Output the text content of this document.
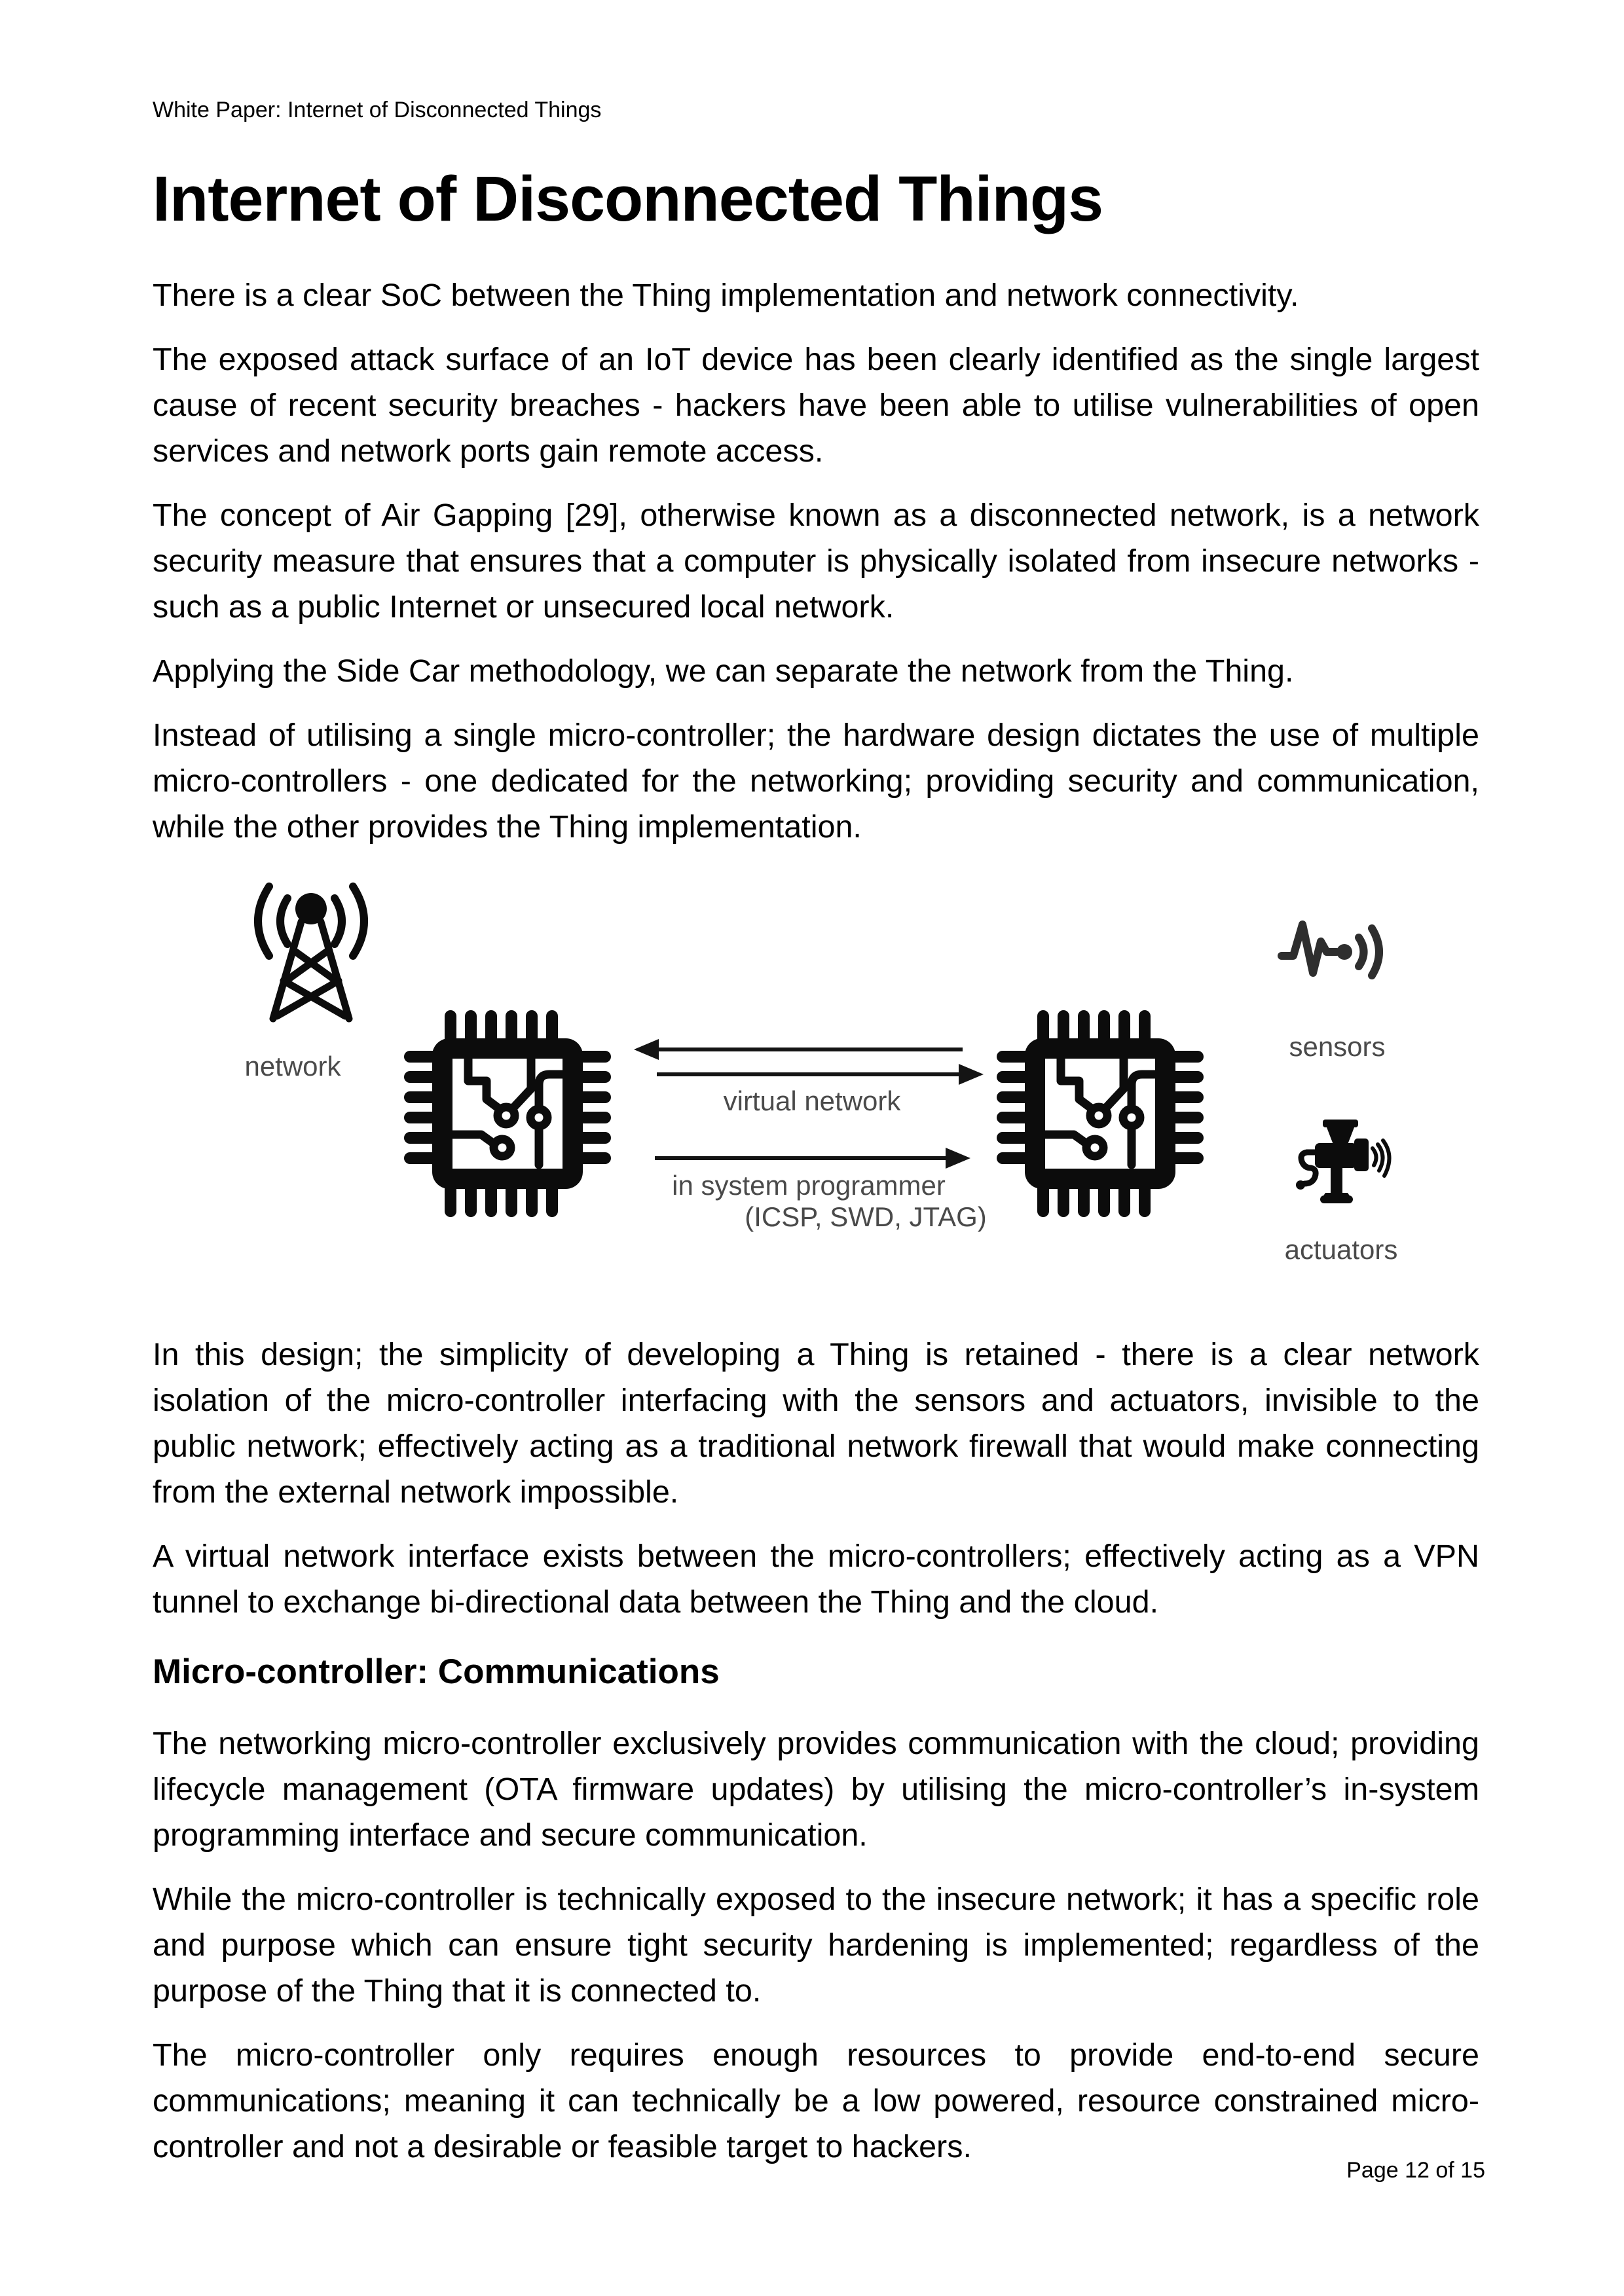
White Paper: Internet of Disconnected Things
Internet of Disconnected Things

There is a clear SoC between the Thing implementation and network connectivity.

The exposed attack surface of an IoT device has been clearly identified as the single largest cause of recent security breaches - hackers have been able to utilise vulnerabilities of open services and network ports gain remote access.

The concept of Air Gapping [29], otherwise known as a disconnected network, is a network security measure that ensures that a computer is physically isolated from insecure networks - such as a public Internet or unsecured local network.

Applying the Side Car methodology, we can separate the network from the Thing.

Instead of utilising a single micro-controller; the hardware design dictates the use of multiple micro-controllers - one dedicated for the networking; providing security and communication, while the other provides the Thing implementation.

network
virtual network
in system programmer
(ICSP, SWD, JTAG)
sensors
actuators

In this design; the simplicity of developing a Thing is retained - there is a clear network isolation of the micro-controller interfacing with the sensors and actuators, invisible to the public network; effectively acting as a traditional network firewall that would make connecting from the external network impossible.

A virtual network interface exists between the micro-controllers; effectively acting as a VPN tunnel to exchange bi-directional data between the Thing and the cloud.

Micro-controller: Communications

The networking micro-controller exclusively provides communication with the cloud; providing lifecycle management (OTA firmware updates) by utilising the micro-controller’s in-system programming interface and secure communication.

While the micro-controller is technically exposed to the insecure network; it has a specific role and purpose which can ensure tight security hardening is implemented; regardless of the purpose of the Thing that it is connected to.

The micro-controller only requires enough resources to provide end-to-end secure communications; meaning it can technically be a low powered, resource constrained micro-controller and not a desirable or feasible target to hackers.

Page 12 of 15
